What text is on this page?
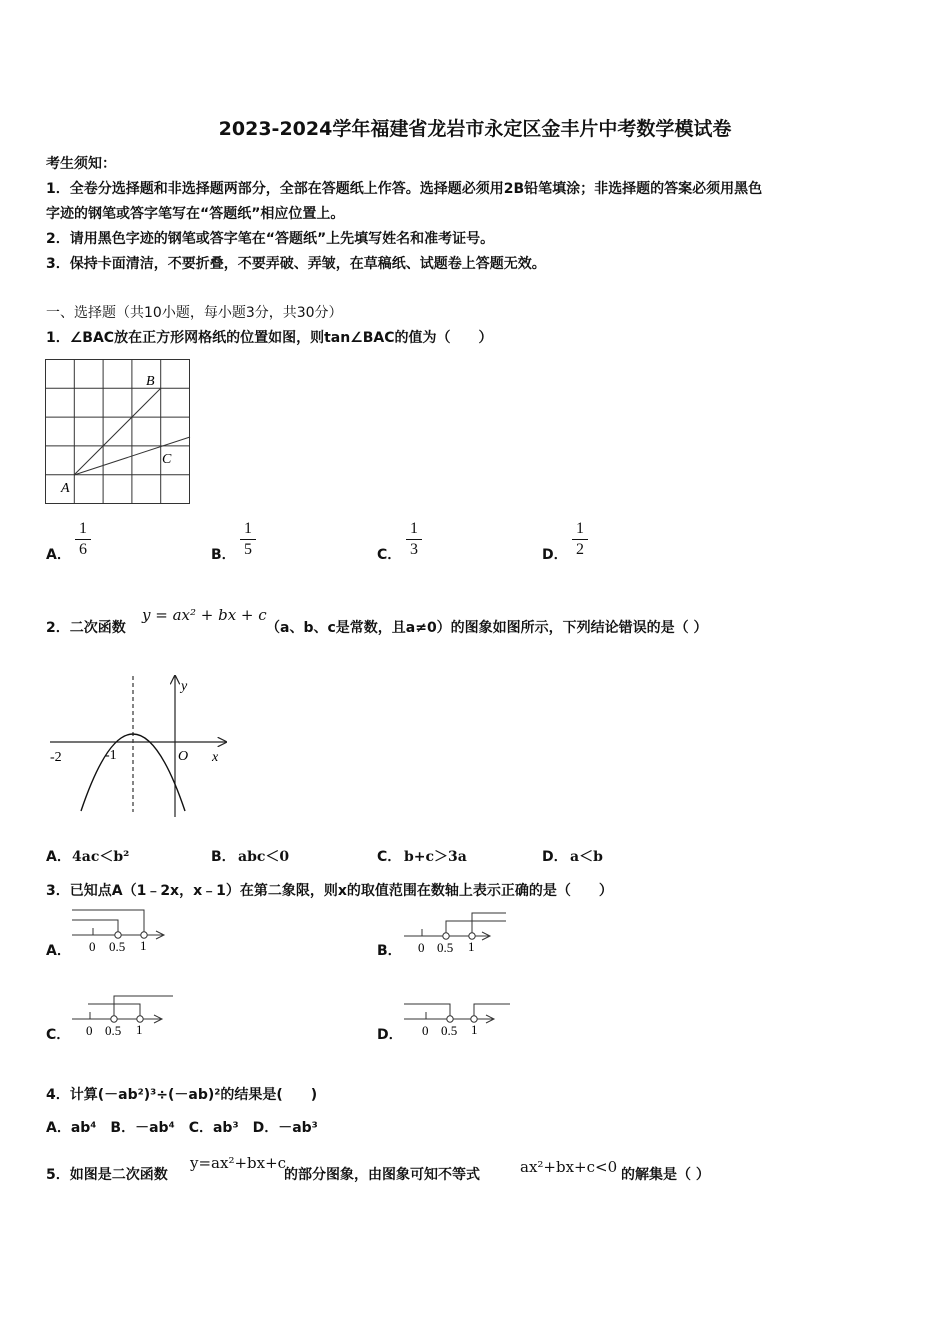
2023-2024学年福建省龙岩市永定区金丰片中考数学模试卷
考生须知：
1．全卷分选择题和非选择题两部分，全部在答题纸上作答。选择题必须用2B铅笔填涂；非选择题的答案必须用黑色
字迹的钢笔或答字笔写在“答题纸”相应位置上。
2．请用黑色字迹的钢笔或答字笔在“答题纸”上先填写姓名和准考证号。
3．保持卡面清洁，不要折叠，不要弄破、弄皱，在草稿纸、试题卷上答题无效。
一、选择题（共10小题，每小题3分，共30分）
1．∠BAC放在正方形网格纸的位置如图，则tan∠BAC的值为（　　）
A
B
C
A． $\frac{1}{6}$	B． $\frac{1}{5}$	C． $\frac{1}{3}$	D． $\frac{1}{2}$
2．二次函数
y = ax² + bx + c
（a、b、c是常数，且a≠0）的图象如图所示，下列结论错误的是（ ）
y
x
O
-2	-1
A． 4ac＜b²	B． abc＜0	C． b+c＞3a	D． a＜b
3．已知点A（1﹣2x，x﹣1）在第二象限，则x的取值范围在数轴上表示正确的是（　　）
A． 0 0.5 1	B． 0 0.5 1
C． 0 0.5 1	D． 0 0.5 1
4．计算(－ab²)³÷(－ab)²的结果是(　　)
A．ab⁴　B．－ab⁴　C．ab³　D．－ab³
5．如图是二次函数
y=ax²+bx+c
的部分图象，由图象可知不等式	ax²+bx+c<0 的解集是（ ）
